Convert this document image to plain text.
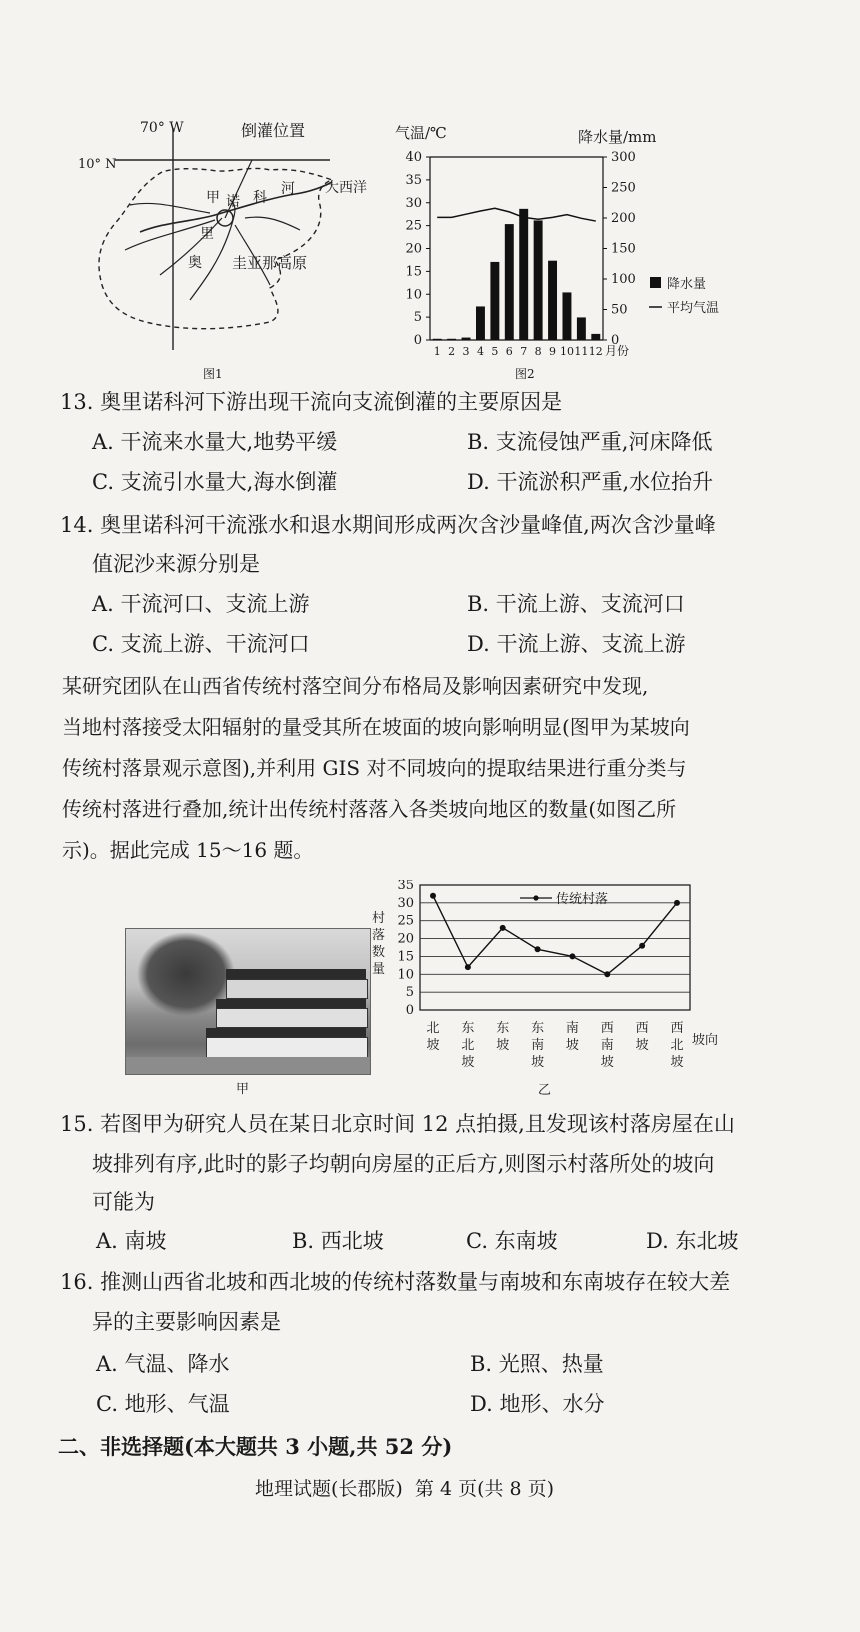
70° W
10° N
倒灌位置
大西洋
甲 诺 科
河
里
奥 圭亚那高原
图1
气温/℃	降水量/mm
0
5
10
15
20
25
30
35
40
0
50
100
150
200
250
300
1 2 3 4 5 6 7 8 9 10 11 12 月份
降水量
平均气温
图2
13. 奥里诺科河下游出现干流向支流倒灌的主要原因是
A. 干流来水量大,地势平缓	B. 支流侵蚀严重,河床降低
C. 支流引水量大,海水倒灌	D. 干流淤积严重,水位抬升
14. 奥里诺科河干流涨水和退水期间形成两次含沙量峰值,两次含沙量峰
值泥沙来源分别是
A. 干流河口、支流上游	B. 干流上游、支流河口
C. 支流上游、干流河口	D. 干流上游、支流上游
某研究团队在山西省传统村落空间分布格局及影响因素研究中发现,
当地村落接受太阳辐射的量受其所在坡面的坡向影响明显(图甲为某坡向
传统村落景观示意图),并利用 GIS 对不同坡向的提取结果进行重分类与
传统村落进行叠加,统计出传统村落落入各类坡向地区的数量(如图乙所
示)。据此完成 15～16 题。
甲
村
落
数
量
0
5
10
15
20
25
30
35
北
坡
东
北
坡
东
坡
东
南
坡
南
坡
西
南
坡
西
坡
西
北
坡
传统村落
坡向
乙
15. 若图甲为研究人员在某日北京时间 12 点拍摄,且发现该村落房屋在山
坡排列有序,此时的影子均朝向房屋的正后方,则图示村落所处的坡向
可能为
A. 南坡	B. 西北坡	C. 东南坡	D. 东北坡
16. 推测山西省北坡和西北坡的传统村落数量与南坡和东南坡存在较大差
异的主要影响因素是
A. 气温、降水	B. 光照、热量
C. 地形、气温	D. 地形、水分
二、非选择题(本大题共 3 小题,共 52 分)
地理试题(长郡版)  第 4 页(共 8 页)
